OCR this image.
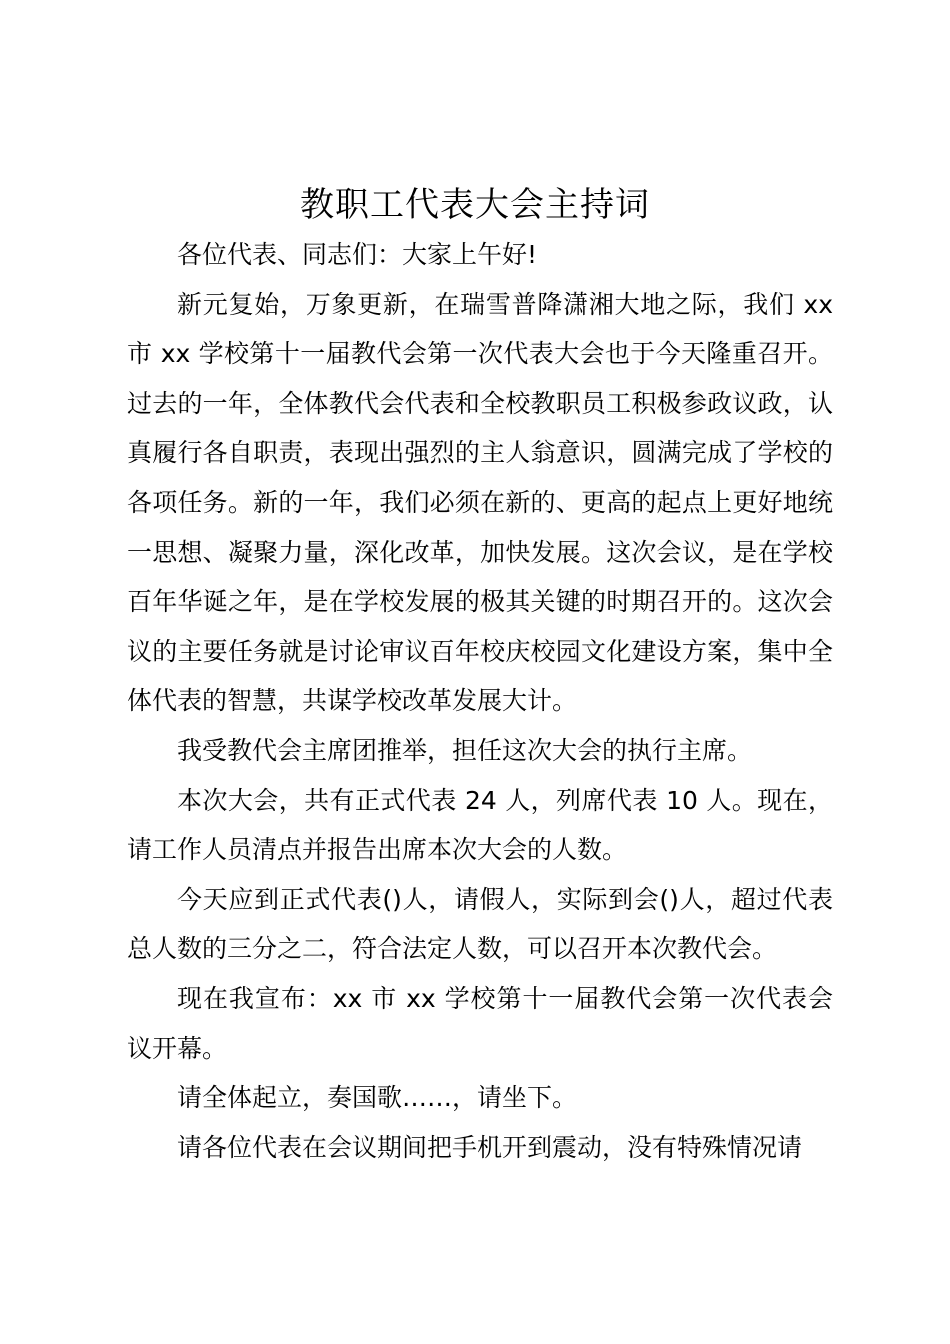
教职工代表大会主持词

各位代表、同志们：大家上午好!

新元复始，万象更新，在瑞雪普降潇湘大地之际，我们 xx 市 xx 学校第十一届教代会第一次代表大会也于今天隆重召开。过去的一年，全体教代会代表和全校教职员工积极参政议政，认真履行各自职责，表现出强烈的主人翁意识，圆满完成了学校的各项任务。新的一年，我们必须在新的、更高的起点上更好地统一思想、凝聚力量，深化改革，加快发展。这次会议，是在学校百年华诞之年，是在学校发展的极其关键的时期召开的。这次会议的主要任务就是讨论审议百年校庆校园文化建设方案，集中全体代表的智慧，共谋学校改革发展大计。

我受教代会主席团推举，担任这次大会的执行主席。

本次大会，共有正式代表 24 人，列席代表 10 人。现在，请工作人员清点并报告出席本次大会的人数。

今天应到正式代表()人，请假人，实际到会()人，超过代表总人数的三分之二，符合法定人数，可以召开本次教代会。

现在我宣布：xx 市 xx 学校第十一届教代会第一次代表会议开幕。

请全体起立，奏国歌……，请坐下。

请各位代表在会议期间把手机开到震动，没有特殊情况请
